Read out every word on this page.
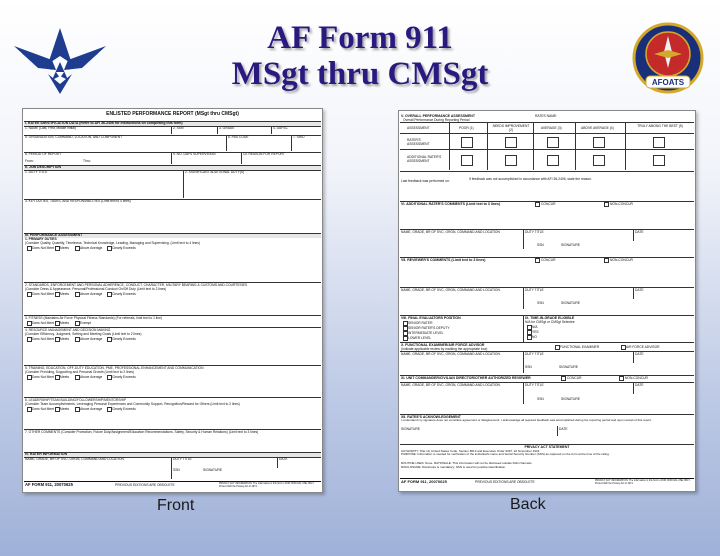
AF Form 911
MSgt thru CMSgt	AFOATS
ENLISTED PERFORMANCE REPORT (MSgt thru CMSgt)
I. RATEE IDENTIFICATION DATA (Refer to AFI 36-2406 for instructions on completing this form)
1. NAME (Last, First, Middle Initial)	2. SSN	3. GRADE	4. DAFSC
5. ORGANIZATION, COMMAND, LOCATION, AND COMPONENT	6. PAS CODE	7. SRID
8. PERIOD OF REPORT
From:	Thru:
9. NO. DAYS SUPERVISION	10. REASON FOR REPORT
II. JOB DESCRIPTION
1. DUTY TITLE	2. SIGNIFICANT ADDITIONAL DUTY(S)
3. KEY DUTIES, TASKS, AND RESPONSIBILITIES (Limit text to 4 lines)
III. PERFORMANCE ASSESSMENT
1. PRIMARY DUTIES
(Consider Quality, Quantity, Timeliness, Technical Knowledge, Leading, Managing and Supervising. (Limit text to 4 lines)
Does Not Meet Meets	Above Average	Clearly Exceeds
2. STANDARDS, ENFORCEMENT AND PERSONAL ADHERENCE, CONDUCT, CHARACTER, MILITARY BEARING & CUSTOMS AND COURTESIES
(Consider Dress & Appearance, Personal/Professional Conduct On/Off Duty (Limit text to 2 lines)
Does Not Meet Meets	Above Average	Clearly Exceeds
3. FITNESS (Maintains Air Force Physical Fitness Standards) (For referrals, limit text to 1 line)
Does Not Meet Meets	Exempt
4. RESOURCE MANAGEMENT AND DECISION MAKING
(Consider Efficiency, Judgment, Setting and Meeting Goals (Limit text to 2 lines)
Does Not Meet Meets	Above Average	Clearly Exceeds
5. TRAINING, EDUCATION, OFF-DUTY EDUCATION, PME, PROFESSIONAL ENHANCEMENT AND COMMUNICATION
(Consider Providing, Supporting and Personal Growth (Limit text to 2 lines)
Does Not Meet Meets	Above Average	Clearly Exceeds
6. LEADERSHIP/TEAM BUILDING/FOLLOWERSHIP/MENTORSHIP
(Consider Team Accomplishments, Leveraging Personal Experiences and Community Support, Recognition/Reward for Others (Limit text to 2 lines)
Does Not Meet Meets	Above Average	Clearly Exceeds
7. OTHER COMMENTS (Consider Promotion, Future Duty/Assignment/Education Recommendations, Safety, Security & Human Relations) (Limit text to 3 lines)
IV. RATER INFORMATION
NAME, GRADE, BR OF SVC, ORGN, COMMAND AND LOCATION	DUTY TITLE	DATE
SSN	SIGNATURE
AF FORM 911, 20070625	PREVIOUS EDITIONS ARE OBSOLETE	PRIVACY ACT INFORMATION: The information in this form is FOR OFFICIAL USE ONLY. Protect IAW the Privacy Act of 1974.
V. OVERALL PERFORMANCE ASSESSMENT
Overall Performance During Reporting Period
RATES NAME:
ASSESSMENT	POOR (1)	NEEDS IMPROVEMENT (2)	AVERAGE (3)	ABOVE AVERAGE (4)	TRULY AMONG THE BEST (5)
RATER'S ASSESSMENT
ADDITIONAL RATER'S ASSESSMENT
Last feedback was performed on:	If feedback was not accomplished in accordance with AFI 36-2406, state the reason.
VI. ADDITIONAL RATER'S COMMENTS (Limit text to 3 lines)	CONCUR	NON-CONCUR
NAME, GRADE, BR OF SVC, ORGN, COMMAND AND LOCATION	DUTY TITLE	DATE
SSN	SIGNATURE
VII. REVIEWER'S COMMENTS (Limit text to 3 lines)	CONCUR	NON-CONCUR
NAME, GRADE, BR OF SVC, ORGN, COMMAND AND LOCATION	DUTY TITLE	DATE
SSN	SIGNATURE
VIII. FINAL EVALUATORS POSITION
SENIOR RATER
SENIOR RATER'S DEPUTY
INTERMEDIATE LEVEL
LOWER LEVEL
IX. TIME-IN-GRADE ELIGIBLE
N/A for CMSgt or CMSgt Selectee
N/A
YES
NO
X. FUNCTIONAL EXAMINER/AIR FORCE ADVISOR
(Indicate applicable review by marking the appropriate box)	FUNCTIONAL EXAMINER	AIR FORCE ADVISOR
NAME, GRADE, BR OF SVC, ORGN, COMMAND AND LOCATION	DUTY TITLE	DATE
SSN	SIGNATURE
XI. UNIT COMMANDER/CIVILIAN DIRECTOR/OTHER AUTHORIZED REVIEWER	CONCUR	NON-CONCUR
NAME, GRADE, BR OF SVC, ORGN, COMMAND AND LOCATION	DUTY TITLE	DATE
SSN	SIGNATURE
XII. RATEE'S ACKNOWLEDGEMENT
I understand my signature does not constitute agreement or disagreement. I acknowledge all required feedback was accomplished during the reporting period and upon receipt of this report.
SIGNATURE	DATE
PRIVACY ACT STATEMENT
AUTHORITY: Title 10, United States Code, Section 8013 and Executive Order 9397, 22 November 1943.
PURPOSE: Information is needed for verification of the individual's name and Social Security Number (SSN) as captured on the form at the time of the rating.
ROUTINE USES: None. RATIONALE: This information will not be disclosed outside DoD channels.
DISCLOSURE: Disclosure is mandatory; SSN is used for positive identification.
AF FORM 911, 20070625	PREVIOUS EDITIONS ARE OBSOLETE	PRIVACY ACT INFORMATION: The information in this form is FOR OFFICIAL USE ONLY. Protect IAW the Privacy Act of 1974.
Front	Back
